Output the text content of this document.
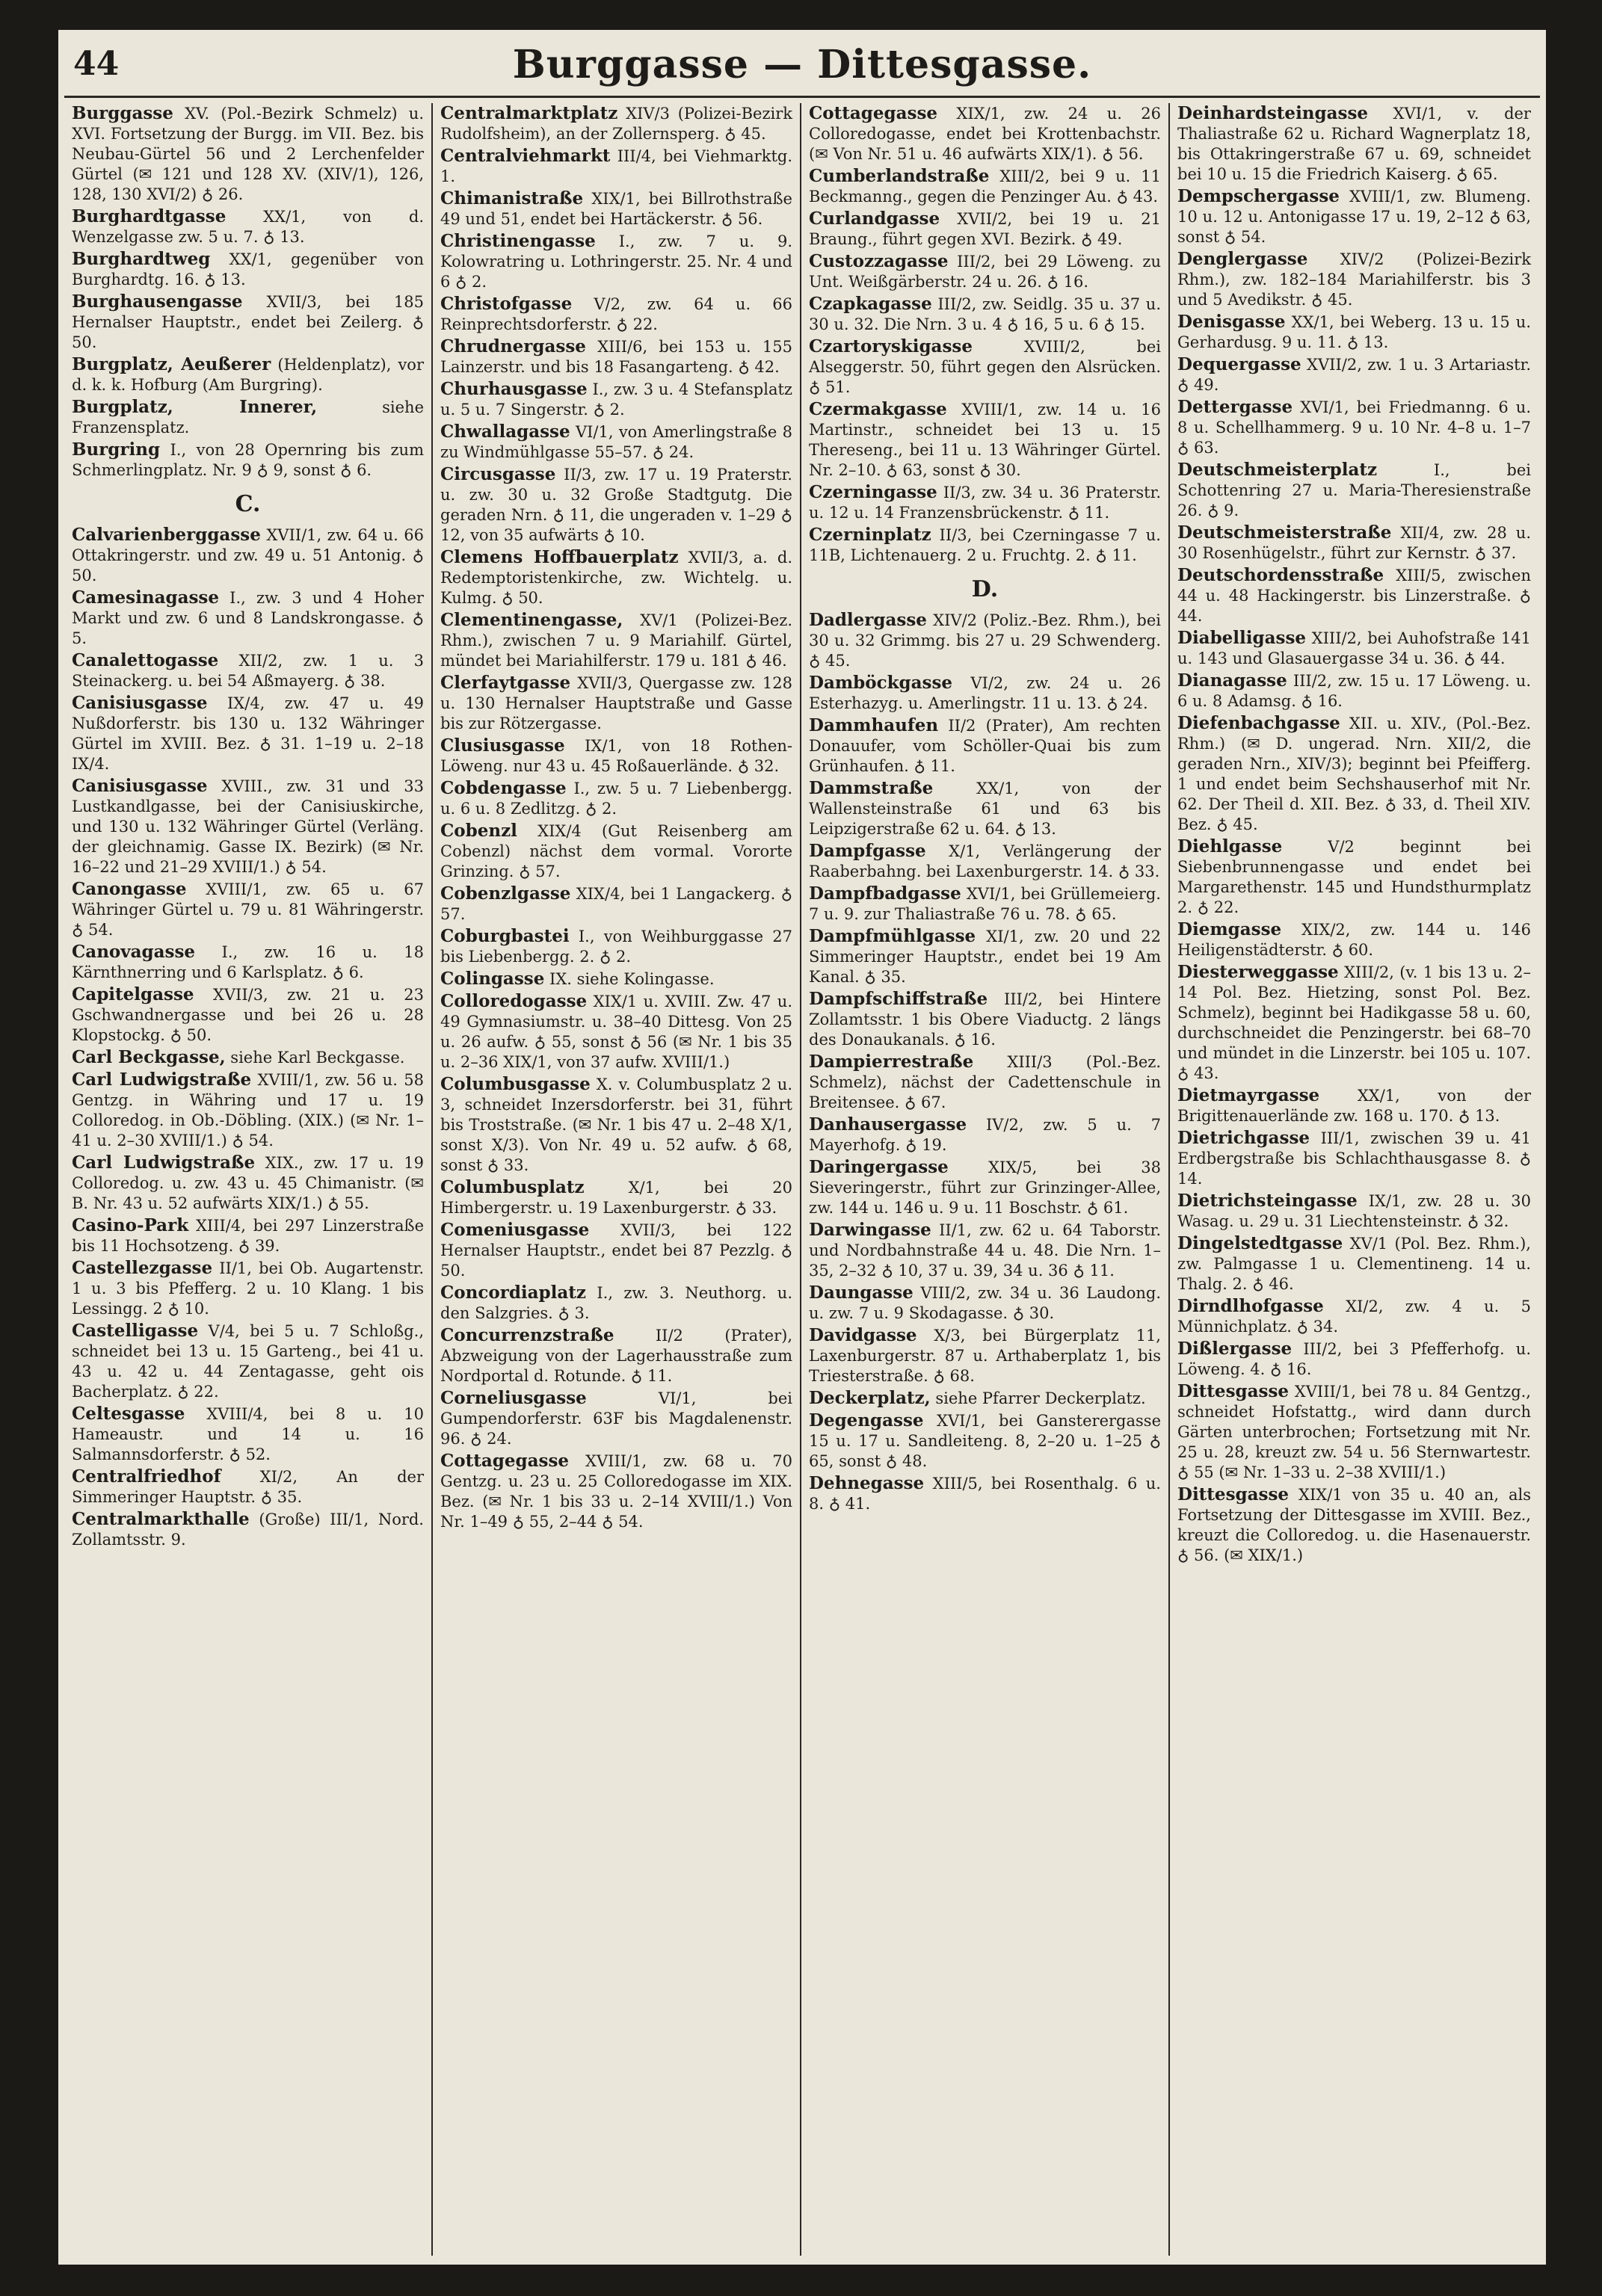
44	Burggasse — Dittesgasse.

Burggasse XV. (Pol.-Bezirk Schmelz) u. XVI. Fortsetzung der Burgg. im VII. Bez. bis Neubau-Gürtel 56 und 2 Lerchenfelder Gürtel (✉ 121 und 128 XV. (XIV/1), 126, 128, 130 XVI/2) ♁ 26.

Burghardtgasse XX/1, von d. Wenzelgasse zw. 5 u. 7. ♁ 13.

Burghardtweg XX/1, gegenüber von Burghardtg. 16. ♁ 13.

Burghausengasse XVII/3, bei 185 Hernalser Hauptstr., endet bei Zeilerg. ♁ 50.

Burgplatz, Aeußerer (Heldenplatz), vor d. k. k. Hofburg (Am Burgring).

Burgplatz, Innerer,	siehe Franzensplatz.

Burgring I., von 28 Opernring bis zum Schmerlingplatz. Nr. 9 ♁ 9, sonst ♁ 6.

C.

Calvarienberggasse XVII/1, zw. 64 u. 66 Ottakringerstr. und zw. 49 u. 51 Antonig. ♁ 50.

Camesinagasse I., zw. 3 und 4 Hoher Markt und zw. 6 und 8 Landskrongasse. ♁ 5.

Canalettogasse XII/2, zw. 1 u. 3 Steinackerg. u. bei 54 Aßmayerg. ♁ 38.

Canisiusgasse IX/4, zw. 47 u. 49 Nußdorferstr. bis 130 u. 132 Währinger Gürtel im XVIII. Bez. ♁ 31. 1–19 u. 2–18 IX/4.

Canisiusgasse XVIII., zw. 31 und 33 Lustkandlgasse, bei der Canisiuskirche, und 130 u. 132 Währinger Gürtel (Verläng. der gleichnamig. Gasse IX. Bezirk) (✉ Nr. 16–22 und 21–29 XVIII/1.) ♁ 54.

Canongasse XVIII/1, zw. 65 u. 67 Währinger Gürtel u. 79 u. 81 Währingerstr. ♁ 54.

Canovagasse I., zw. 16 u. 18 Kärnthnerring und 6 Karlsplatz. ♁ 6.

Capitelgasse XVII/3, zw. 21 u. 23 Gschwandnergasse und bei 26 u. 28 Klopstockg. ♁ 50.

Carl Beckgasse, siehe Karl Beckgasse.

Carl Ludwigstraße XVIII/1, zw. 56 u. 58 Gentzg. in Währing und 17 u. 19 Colloredog. in Ob.-Döbling. (XIX.) (✉ Nr. 1–41 u. 2–30 XVIII/1.) ♁ 54.

Carl Ludwigstraße XIX., zw. 17 u. 19 Colloredog. u. zw. 43 u. 45 Chimanistr. (✉ B. Nr. 43 u. 52 aufwärts XIX/1.) ♁ 55.

Casino-Park XIII/4, bei 297 Linzerstraße bis 11 Hochsotzeng. ♁ 39.

Castellezgasse II/1, bei Ob. Augartenstr. 1 u. 3 bis Pfefferg. 2 u. 10 Klang. 1 bis Lessingg. 2 ♁ 10.

Castelligasse V/4, bei 5 u. 7 Schloßg., schneidet bei 13 u. 15 Garteng., bei 41 u. 43 u. 42 u. 44 Zentagasse, geht ois Bacherplatz. ♁ 22.

Celtesgasse XVIII/4, bei 8 u. 10 Hameaustr. und 14 u. 16 Salmannsdorferstr. ♁ 52.

Centralfriedhof XI/2, An der Simmeringer Hauptstr. ♁ 35.

Centralmarkthalle (Große) III/1, Nord. Zollamtsstr. 9.

Centralmarktplatz XIV/3 (Polizei-Bezirk Rudolfsheim), an der Zollernsperg. ♁ 45.

Centralviehmarkt III/4, bei Viehmarktg. 1.

Chimanistraße XIX/1, bei Billrothstraße 49 und 51, endet bei Hartäckerstr. ♁ 56.

Christinengasse I., zw. 7 u. 9. Kolowratring u. Lothringerstr. 25. Nr. 4 und 6 ♁ 2.

Christofgasse V/2, zw. 64 u. 66 Reinprechtsdorferstr. ♁ 22.

Chrudnergasse XIII/6, bei 153 u. 155 Lainzerstr. und bis 18 Fasangarteng. ♁ 42.

Churhausgasse I., zw. 3 u. 4 Stefansplatz u. 5 u. 7 Singerstr. ♁ 2.

Chwallagasse VI/1, von Amerlingstraße 8 zu Windmühlgasse 55–57. ♁ 24.

Circusgasse II/3, zw. 17 u. 19 Praterstr. u. zw. 30 u. 32 Große Stadtgutg. Die geraden Nrn. ♁ 11, die ungeraden v. 1–29 ♁ 12, von 35 aufwärts ♁ 10.

Clemens Hoffbauerplatz XVII/3, a. d. Redemptoristenkirche, zw. Wichtelg. u. Kulmg. ♁ 50.

Clementinengasse, XV/1 (Polizei-Bez. Rhm.), zwischen 7 u. 9 Mariahilf. Gürtel, mündet bei Mariahilferstr. 179 u. 181 ♁ 46.

Clerfaytgasse XVII/3, Quergasse zw. 128 u. 130 Hernalser Hauptstraße und Gasse bis zur Rötzergasse.

Clusiusgasse IX/1, von 18 Rothen-Löweng. nur 43 u. 45 Roßauerlände. ♁ 32.

Cobdengasse I., zw. 5 u. 7 Liebenbergg. u. 6 u. 8 Zedlitzg. ♁ 2.

Cobenzl XIX/4 (Gut Reisenberg am Cobenzl) nächst dem vormal. Vororte Grinzing. ♁ 57.

Cobenzlgasse XIX/4, bei 1 Langackerg. ♁ 57.

Coburgbastei I., von Weihburggasse 27 bis Liebenbergg. 2. ♁ 2.

Colingasse IX. siehe Kolingasse.

Colloredogasse XIX/1 u. XVIII. Zw. 47 u. 49 Gymnasiumstr. u. 38–40 Dittesg. Von 25 u. 26 aufw. ♁ 55, sonst ♁ 56 (✉ Nr. 1 bis 35 u. 2–36 XIX/1, von 37 aufw. XVIII/1.)

Columbusgasse X. v. Columbusplatz 2 u. 3, schneidet Inzersdorferstr. bei 31, führt bis Troststraße. (✉ Nr. 1 bis 47 u. 2–48 X/1, sonst X/3). Von Nr. 49 u. 52 aufw. ♁ 68, sonst ♁ 33.

Columbusplatz	X/1, bei 20 Himbergerstr. u. 19 Laxenburgerstr. ♁ 33.

Comeniusgasse XVII/3, bei 122 Hernalser Hauptstr., endet bei 87 Pezzlg. ♁ 50.

Concordiaplatz I., zw. 3. Neuthorg. u. den Salzgries. ♁ 3.

Concurrenzstraße	II/2 (Prater), Abzweigung von der Lagerhausstraße zum Nordportal d. Rotunde. ♁ 11.

Corneliusgasse	VI/1, bei Gumpendorferstr. 63F bis Magdalenenstr. 96. ♁ 24.

Cottagegasse XVIII/1, zw. 68 u. 70 Gentzg. u. 23 u. 25 Colloredogasse im XIX. Bez. (✉ Nr. 1 bis 33 u. 2–14 XVIII/1.) Von Nr. 1–49 ♁ 55, 2–44 ♁ 54.

Cottagegasse XIX/1, zw. 24 u. 26 Colloredogasse, endet bei Krottenbachstr. (✉ Von Nr. 51 u. 46 aufwärts XIX/1). ♁ 56.

Cumberlandstraße XIII/2, bei 9 u. 11 Beckmanng., gegen die Penzinger Au. ♁ 43.

Curlandgasse XVII/2, bei 19 u. 21 Braung., führt gegen XVI. Bezirk. ♁ 49.

Custozzagasse III/2, bei 29 Löweng. zu Unt. Weißgärberstr. 24 u. 26. ♁ 16.

Czapkagasse III/2, zw. Seidlg. 35 u. 37 u. 30 u. 32. Die Nrn. 3 u. 4 ♁ 16, 5 u. 6 ♁ 15.

Czartoryskigasse	XVIII/2, bei Alseggerstr. 50, führt gegen den Alsrücken. ♁ 51.

Czermakgasse XVIII/1, zw. 14 u. 16 Martinstr., schneidet bei 13 u. 15 Thereseng., bei 11 u. 13 Währinger Gürtel. Nr. 2–10. ♁ 63, sonst ♁ 30.

Czerningasse II/3, zw. 34 u. 36 Praterstr. u. 12 u. 14 Franzensbrückenstr. ♁ 11.

Czerninplatz II/3, bei Czerningasse 7 u. 11B, Lichtenauerg. 2 u. Fruchtg. 2. ♁ 11.

D.

Dadlergasse XIV/2 (Poliz.-Bez. Rhm.), bei 30 u. 32 Grimmg. bis 27 u. 29 Schwenderg. ♁ 45.

Damböckgasse VI/2, zw. 24 u. 26 Esterhazyg. u. Amerlingstr. 11 u. 13. ♁ 24.

Dammhaufen II/2 (Prater), Am rechten Donauufer, vom Schöller-Quai bis zum Grünhaufen. ♁ 11.

Dammstraße	XX/1, von der Wallensteinstraße 61 und 63 bis Leipzigerstraße 62 u. 64. ♁ 13.

Dampfgasse X/1, Verlängerung der Raaberbahng. bei Laxenburgerstr. 14. ♁ 33.

Dampfbadgasse XVI/1, bei Grüllemeierg. 7 u. 9. zur Thaliastraße 76 u. 78. ♁ 65.

Dampfmühlgasse XI/1, zw. 20 und 22 Simmeringer Hauptstr., endet bei 19 Am Kanal. ♁ 35.

Dampfschiffstraße III/2, bei Hintere Zollamtsstr. 1 bis Obere Viaductg. 2 längs des Donaukanals. ♁ 16.

Dampierrestraße XIII/3 (Pol.-Bez. Schmelz), nächst der Cadettenschule in Breitensee. ♁ 67.

Danhausergasse IV/2, zw. 5 u. 7 Mayerhofg. ♁ 19.

Daringergasse	XIX/5, bei 38 Sieveringerstr., führt zur Grinzinger-Allee, zw. 144 u. 146 u. 9 u. 11 Boschstr. ♁ 61.

Darwingasse II/1, zw. 62 u. 64 Taborstr. und Nordbahnstraße 44 u. 48. Die Nrn. 1–35, 2–32 ♁ 10, 37 u. 39, 34 u. 36 ♁ 11.

Daungasse VIII/2, zw. 34 u. 36 Laudong. u. zw. 7 u. 9 Skodagasse. ♁ 30.

Davidgasse X/3, bei Bürgerplatz 11, Laxenburgerstr. 87 u. Arthaberplatz 1, bis Triesterstraße. ♁ 68.

Deckerplatz, siehe Pfarrer Deckerplatz.

Degengasse XVI/1, bei Gansterergasse 15 u. 17 u. Sandleiteng. 8, 2–20 u. 1–25 ♁ 65, sonst ♁ 48.

Dehnegasse XIII/5, bei Rosenthalg. 6 u. 8. ♁ 41.

Deinhardsteingasse XVI/1, v. der Thaliastraße 62 u. Richard Wagnerplatz 18, bis Ottakringerstraße 67 u. 69, schneidet bei 10 u. 15 die Friedrich Kaiserg. ♁ 65.

Dempschergasse XVIII/1, zw. Blumeng. 10 u. 12 u. Antonigasse 17 u. 19, 2–12 ♁ 63, sonst ♁ 54.

Denglergasse XIV/2 (Polizei-Bezirk Rhm.), zw. 182–184 Mariahilferstr. bis 3 und 5 Avedikstr. ♁ 45.

Denisgasse XX/1, bei Weberg. 13 u. 15 u. Gerhardusg. 9 u. 11. ♁ 13.

Dequergasse XVII/2, zw. 1 u. 3 Artariastr. ♁ 49.

Dettergasse XVI/1, bei Friedmanng. 6 u. 8 u. Schellhammerg. 9 u. 10 Nr. 4–8 u. 1–7 ♁ 63.

Deutschmeisterplatz	I., bei Schottenring 27 u. Maria-Theresienstraße 26. ♁ 9.

Deutschmeisterstraße XII/4, zw. 28 u. 30 Rosenhügelstr., führt zur Kernstr. ♁ 37.

Deutschordensstraße XIII/5, zwischen 44 u. 48 Hackingerstr. bis Linzerstraße. ♁ 44.

Diabelligasse XIII/2, bei Auhofstraße 141 u. 143 und Glasauergasse 34 u. 36. ♁ 44.

Dianagasse III/2, zw. 15 u. 17 Löweng. u. 6 u. 8 Adamsg. ♁ 16.

Diefenbachgasse XII. u. XIV., (Pol.-Bez. Rhm.) (✉ D. ungerad. Nrn. XII/2, die geraden Nrn., XIV/3); beginnt bei Pfeifferg. 1 und endet beim Sechshauserhof mit Nr. 62. Der Theil d. XII. Bez. ♁ 33, d. Theil XIV. Bez. ♁ 45.

Diehlgasse	V/2 beginnt bei Siebenbrunnengasse und endet bei Margarethenstr. 145 und Hundsthurmplatz 2. ♁ 22.

Diemgasse XIX/2, zw. 144 u. 146 Heiligenstädterstr. ♁ 60.

Diesterweggasse XIII/2, (v. 1 bis 13 u. 2–14 Pol. Bez. Hietzing, sonst Pol. Bez. Schmelz), beginnt bei Hadikgasse 58 u. 60, durchschneidet die Penzingerstr. bei 68–70 und mündet in die Linzerstr. bei 105 u. 107. ♁ 43.

Dietmayrgasse XX/1, von der Brigittenauerlände zw. 168 u. 170. ♁ 13.

Dietrichgasse III/1, zwischen 39 u. 41 Erdbergstraße bis Schlachthausgasse 8. ♁ 14.

Dietrichsteingasse IX/1, zw. 28 u. 30 Wasag. u. 29 u. 31 Liechtensteinstr. ♁ 32.

Dingelstedtgasse XV/1 (Pol. Bez. Rhm.), zw. Palmgasse 1 u. Clementineng. 14 u. Thalg. 2. ♁ 46.

Dirndlhofgasse XI/2, zw. 4 u. 5 Münnichplatz. ♁ 34.

Dißlergasse III/2, bei 3 Pfefferhofg. u. Löweng. 4. ♁ 16.

Dittesgasse XVIII/1, bei 78 u. 84 Gentzg., schneidet Hofstattg., wird dann durch Gärten unterbrochen; Fortsetzung mit Nr. 25 u. 28, kreuzt zw. 54 u. 56 Sternwartestr. ♁ 55 (✉ Nr. 1–33 u. 2–38 XVIII/1.)

Dittesgasse XIX/1 von 35 u. 40 an, als Fortsetzung der Dittesgasse im XVIII. Bez., kreuzt die Colloredog. u. die Hasenauerstr. ♁ 56. (✉ XIX/1.)
